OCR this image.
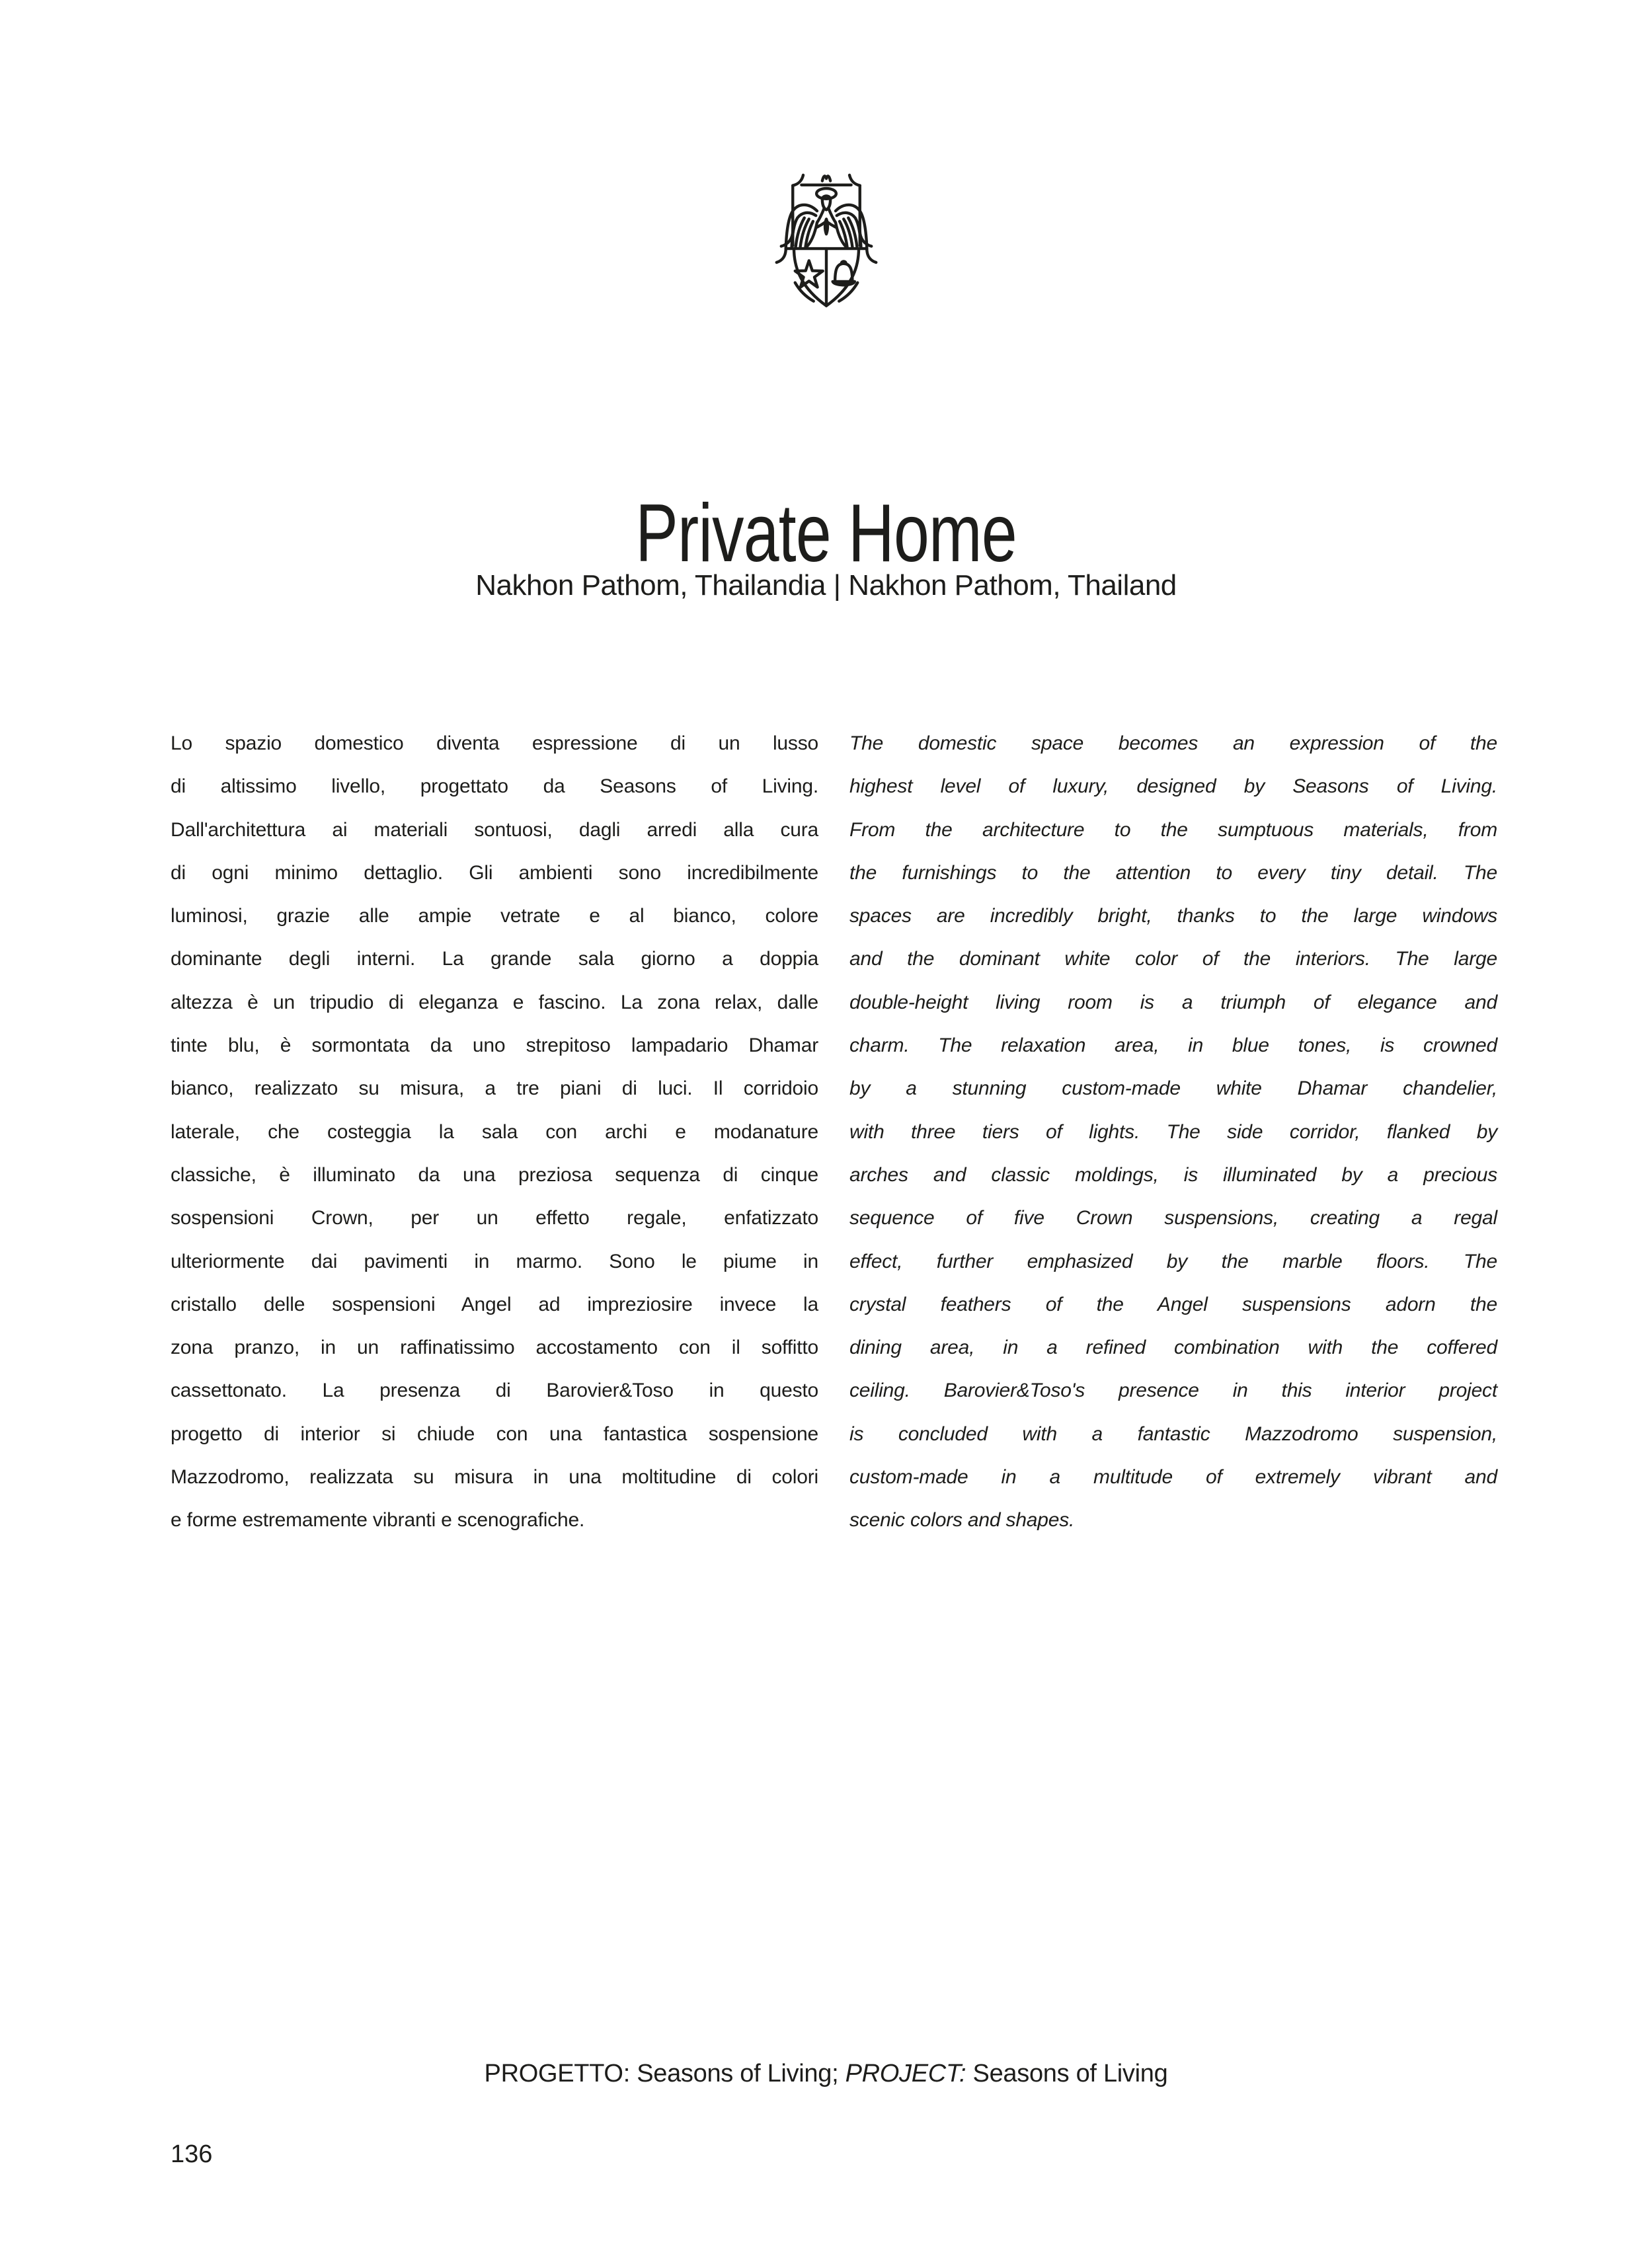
Private Home
Nakhon Pathom, Thailandia | Nakhon Pathom, Thailand
Lo spazio domestico diventa espressione di un lusso
di altissimo livello, progettato da Seasons of Living.
Dall'architettura ai materiali sontuosi, dagli arredi alla cura
di ogni minimo dettaglio. Gli ambienti sono incredibilmente
luminosi, grazie alle ampie vetrate e al bianco, colore
dominante degli interni. La grande sala giorno a doppia
altezza è un tripudio di eleganza e fascino. La zona relax, dalle
tinte blu, è sormontata da uno strepitoso lampadario Dhamar
bianco, realizzato su misura, a tre piani di luci. Il corridoio
laterale, che costeggia la sala con archi e modanature
classiche, è illuminato da una preziosa sequenza di cinque
sospensioni Crown, per un effetto regale, enfatizzato
ulteriormente dai pavimenti in marmo. Sono le piume in
cristallo delle sospensioni Angel ad impreziosire invece la
zona pranzo, in un raffinatissimo accostamento con il soffitto
cassettonato. La presenza di Barovier&Toso in questo
progetto di interior si chiude con una fantastica sospensione
Mazzodromo, realizzata su misura in una moltitudine di colori
e forme estremamente vibranti e scenografiche.
The domestic space becomes an expression of the
highest level of luxury, designed by Seasons of Living.
From the architecture to the sumptuous materials, from
the furnishings to the attention to every tiny detail. The
spaces are incredibly bright, thanks to the large windows
and the dominant white color of the interiors. The large
double-height living room is a triumph of elegance and
charm. The relaxation area, in blue tones, is crowned
by a stunning custom-made white Dhamar chandelier,
with three tiers of lights. The side corridor, flanked by
arches and classic moldings, is illuminated by a precious
sequence of five Crown suspensions, creating a regal
effect, further emphasized by the marble floors. The
crystal feathers of the Angel suspensions adorn the
dining area, in a refined combination with the coffered
ceiling. Barovier&Toso's presence in this interior project
is concluded with a fantastic Mazzodromo suspension,
custom-made in a multitude of extremely vibrant and
scenic colors and shapes.
PROGETTO: Seasons of Living; PROJECT: Seasons of Living
136
